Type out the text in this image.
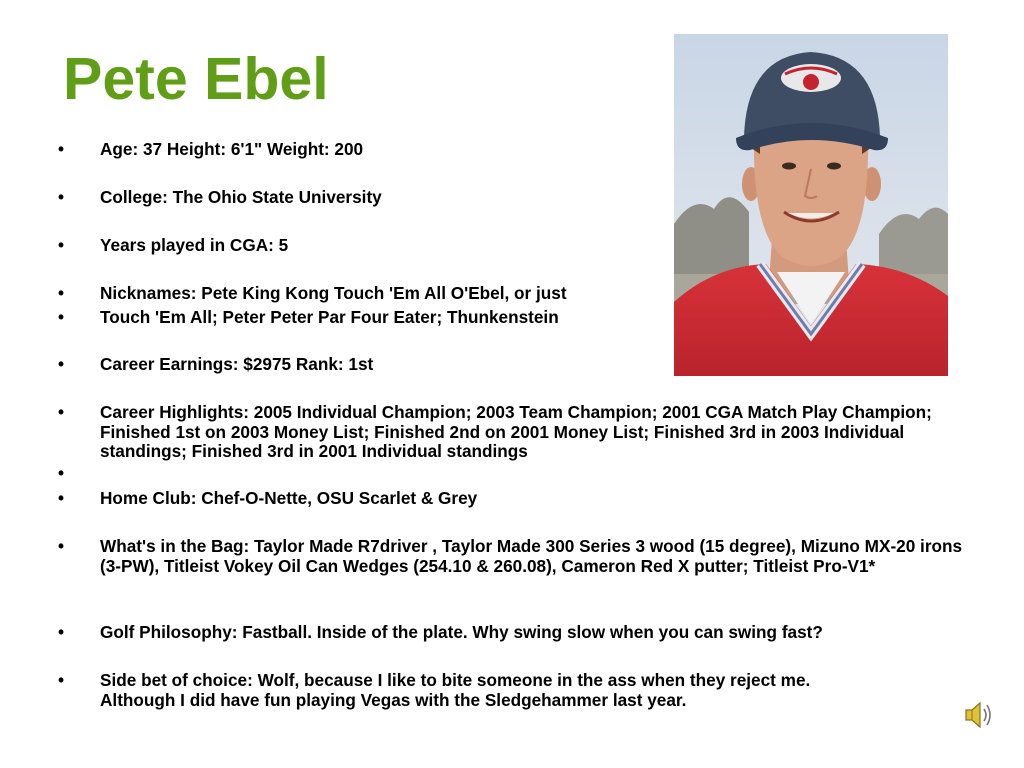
Pete Ebel
• Age: 37 Height: 6'1" Weight: 200
• College: The Ohio State University
• Years played in CGA: 5
• Nicknames: Pete King Kong Touch 'Em All O'Ebel, or just
• Touch 'Em All; Peter Peter Par Four Eater; Thunkenstein
• Career Earnings: $2975 Rank: 1st
• Career Highlights: 2005 Individual Champion; 2003 Team Champion; 2001 CGA Match Play Champion; Finished 1st on 2003 Money List; Finished 2nd on 2001 Money List; Finished 3rd in 2003 Individual standings; Finished 3rd in 2001 Individual standings
•
• Home Club: Chef-O-Nette, OSU Scarlet & Grey
• What's in the Bag: Taylor Made R7driver , Taylor Made 300 Series 3 wood (15 degree), Mizuno MX-20 irons (3-PW), Titleist Vokey Oil Can Wedges (254.10 & 260.08), Cameron Red X putter; Titleist Pro-V1*
• Golf Philosophy: Fastball. Inside of the plate. Why swing slow when you can swing fast?
• Side bet of choice: Wolf, because I like to bite someone in the ass when they reject me. Although I did have fun playing Vegas with the Sledgehammer last year.
